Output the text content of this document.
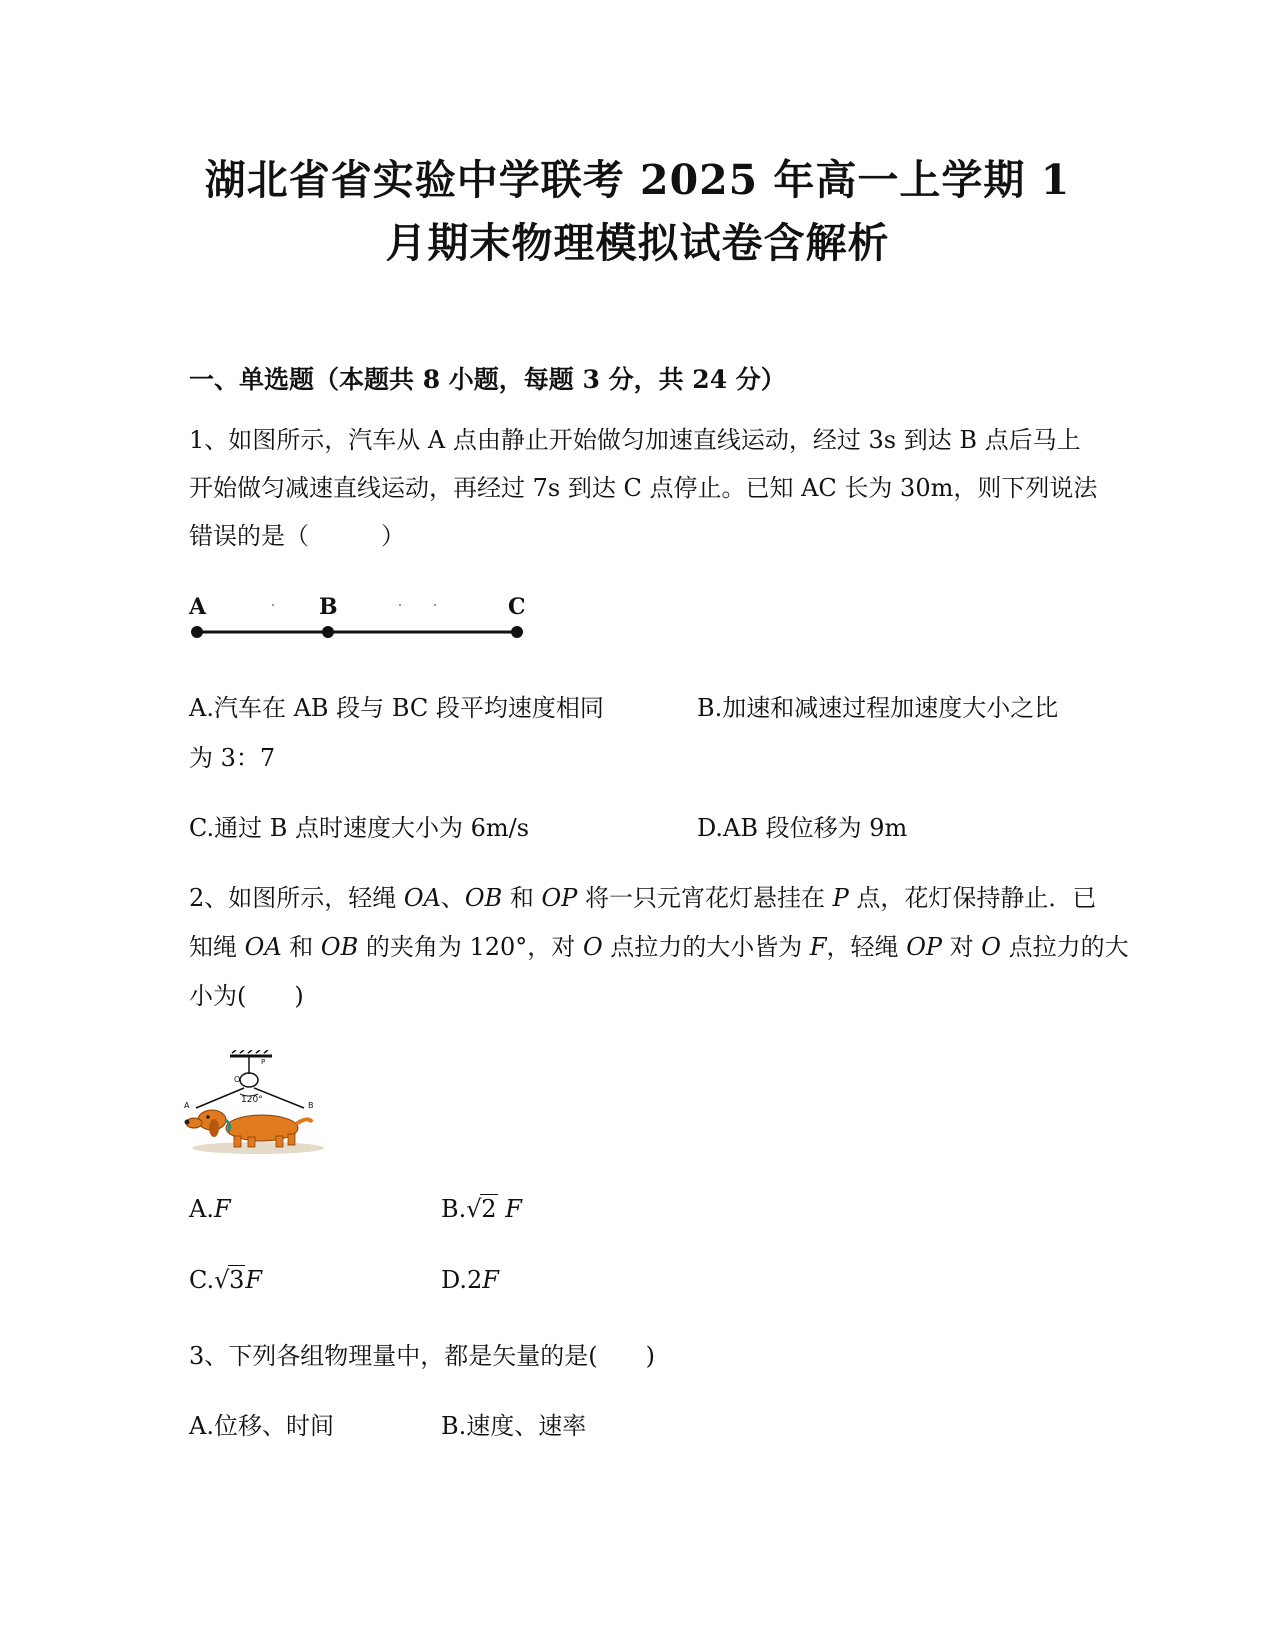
湖北省省实验中学联考 2025 年高一上学期 1
月期末物理模拟试卷含解析
一、单选题（本题共 8 小题，每题 3 分，共 24 分）
1、如图所示，汽车从 A 点由静止开始做匀加速直线运动，经过 3s 到达 B 点后马上
开始做匀减速直线运动，再经过 7s 到达 C 点停止。已知 AC 长为 30m，则下列说法
错误的是（　　　）
A	B	C
A.汽车在 AB 段与 BC 段平均速度相同	B.加速和减速过程加速度大小之比
为 3：7
C.通过 B 点时速度大小为 6m/s	D.AB 段位移为 9m
2、如图所示，轻绳 OA、OB 和 OP 将一只元宵花灯悬挂在 P 点，花灯保持静止．已
知绳 OA 和 OB 的夹角为 120°，对 O 点拉力的大小皆为 F，轻绳 OP 对 O 点拉力的大
小为(　　)
O
P
120°
A	B
A.F	B. √ 2 F
C. √ 3F	D.2F
3、下列各组物理量中，都是矢量的是(　　)
A.位移、时间	B.速度、速率
